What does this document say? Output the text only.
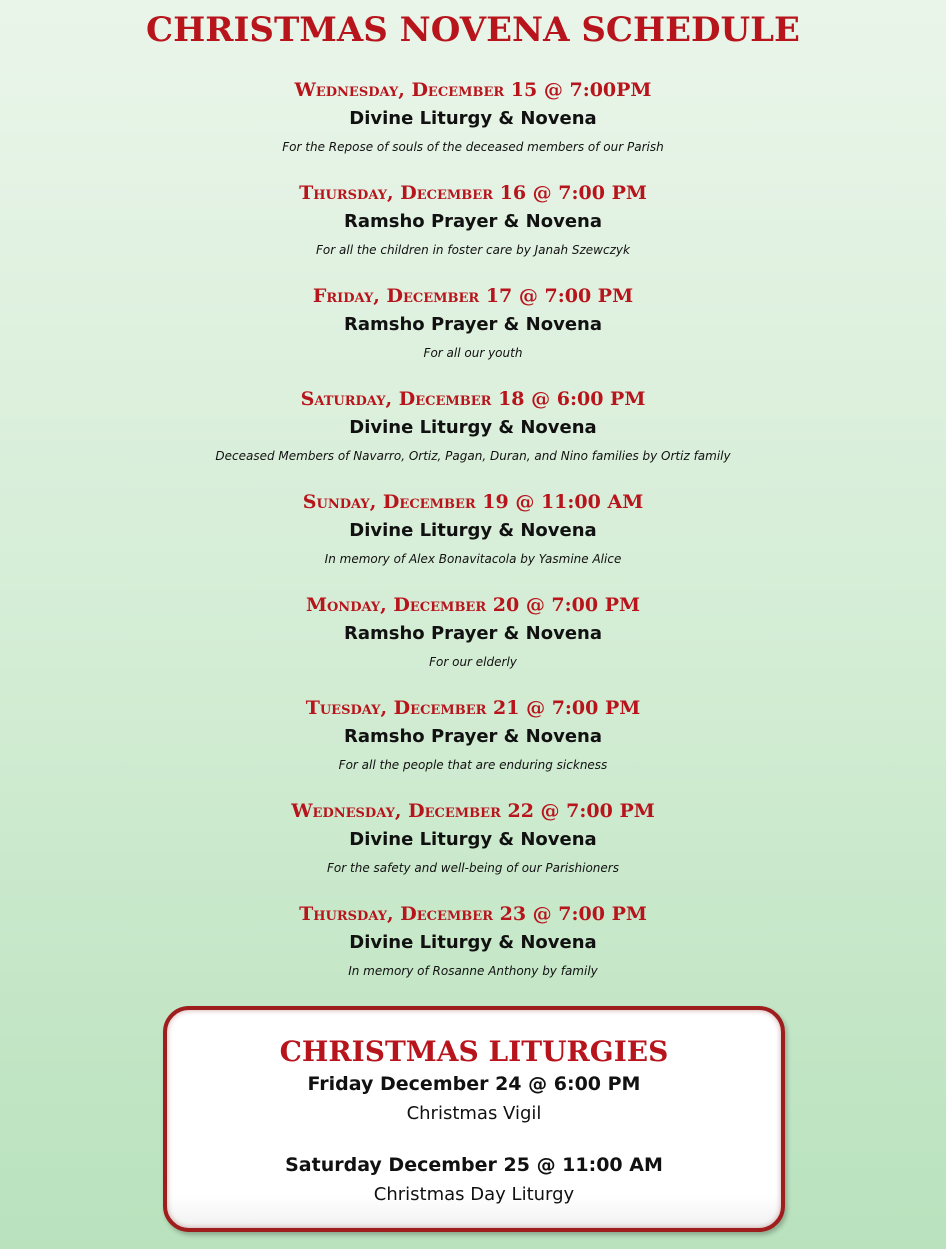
CHRISTMAS NOVENA SCHEDULE
Wednesday, December 15 @ 7:00PM
Divine Liturgy & Novena
For the Repose of souls of the deceased members of our Parish
Thursday, December 16 @ 7:00 PM
Ramsho Prayer & Novena
For all the children in foster care by Janah Szewczyk
Friday, December 17 @ 7:00 PM
Ramsho Prayer & Novena
For all our youth
Saturday, December 18 @ 6:00 PM
Divine Liturgy & Novena
Deceased Members of Navarro, Ortiz, Pagan, Duran, and Nino families by Ortiz family
Sunday, December 19 @ 11:00 AM
Divine Liturgy & Novena
In memory of Alex Bonavitacola by Yasmine Alice
Monday, December 20 @ 7:00 PM
Ramsho Prayer & Novena
For our elderly
Tuesday, December 21 @ 7:00 PM
Ramsho Prayer & Novena
For all the people that are enduring sickness
Wednesday, December 22 @ 7:00 PM
Divine Liturgy & Novena
For the safety and well-being of our Parishioners
Thursday, December 23 @ 7:00 PM
Divine Liturgy & Novena
In memory of Rosanne Anthony by family
CHRISTMAS LITURGIES
Friday December 24 @ 6:00 PM
Christmas Vigil
Saturday December 25 @ 11:00 AM
Christmas Day Liturgy
